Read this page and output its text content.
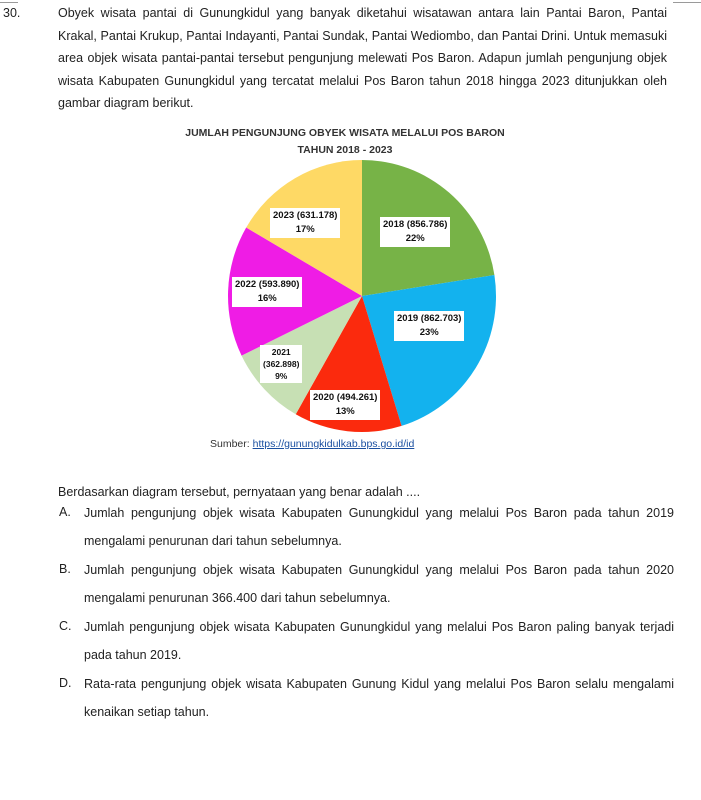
30.	Obyek wisata pantai di Gunungkidul yang banyak diketahui wisatawan antara lain Pantai Baron, Pantai Krakal, Pantai Krukup, Pantai Indayanti, Pantai Sundak, Pantai Wediombo, dan Pantai Drini. Untuk memasuki area objek wisata pantai-pantai tersebut pengunjung melewati Pos Baron. Adapun jumlah pengunjung objek wisata Kabupaten Gunungkidul yang tercatat melalui Pos Baron tahun 2018 hingga 2023 ditunjukkan oleh gambar diagram berikut.
JUMLAH PENGUNJUNG OBYEK WISATA MELALUI POS BARON
TAHUN 2018 - 2023
2018 (856.786)
22%
2019 (862.703)
23%
2020 (494.261)
13%
2021
(362.898)
9%
2022 (593.890)
16%
2023 (631.178)
17%
Sumber: https://gunungkidulkab.bps.go.id/id
Berdasarkan diagram tersebut, pernyataan yang benar adalah ....
A. Jumlah pengunjung objek wisata Kabupaten Gunungkidul yang melalui Pos Baron pada tahun 2019 mengalami penurunan dari tahun sebelumnya.
B. Jumlah pengunjung objek wisata Kabupaten Gunungkidul yang melalui Pos Baron pada tahun 2020 mengalami penurunan 366.400 dari tahun sebelumnya.
C. Jumlah pengunjung objek wisata Kabupaten Gunungkidul yang melalui Pos Baron paling banyak terjadi pada tahun 2019.
D. Rata-rata pengunjung objek wisata Kabupaten Gunung Kidul yang melalui Pos Baron selalu mengalami kenaikan setiap tahun.
